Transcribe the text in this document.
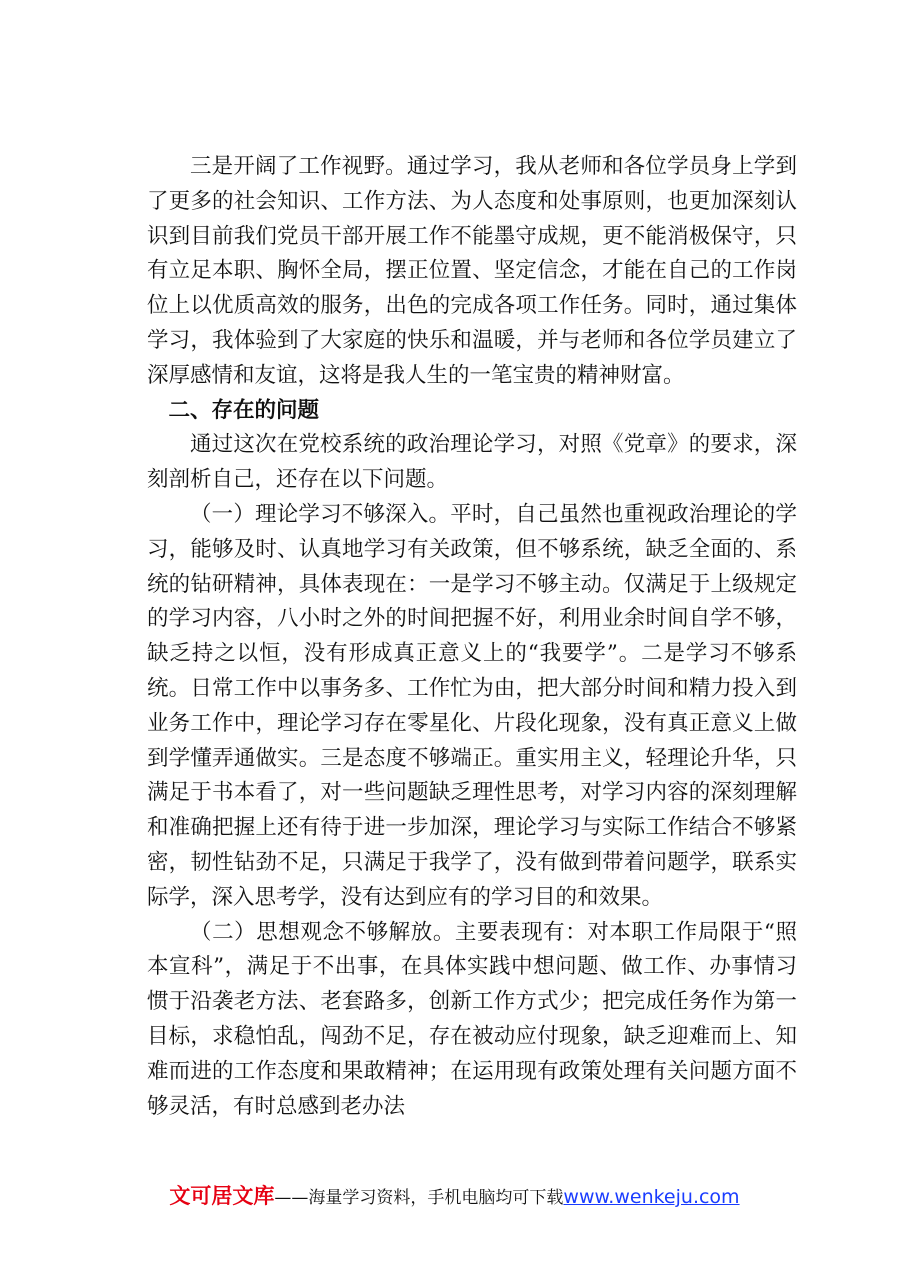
三是开阔了工作视野。通过学习，我从老师和各位学员身上学到了更多的社会知识、工作方法、为人态度和处事原则，也更加深刻认识到目前我们党员干部开展工作不能墨守成规，更不能消极保守，只有立足本职、胸怀全局，摆正位置、坚定信念，才能在自己的工作岗位上以优质高效的服务，出色的完成各项工作任务。同时，通过集体学习，我体验到了大家庭的快乐和温暖，并与老师和各位学员建立了深厚感情和友谊，这将是我人生的一笔宝贵的精神财富。

二、存在的问题

通过这次在党校系统的政治理论学习，对照《党章》的要求，深刻剖析自己，还存在以下问题。

（一）理论学习不够深入。平时，自己虽然也重视政治理论的学习，能够及时、认真地学习有关政策，但不够系统，缺乏全面的、系统的钻研精神，具体表现在：一是学习不够主动。仅满足于上级规定的学习内容，八小时之外的时间把握不好，利用业余时间自学不够，缺乏持之以恒，没有形成真正意义上的“我要学”。二是学习不够系统。日常工作中以事务多、工作忙为由，把大部分时间和精力投入到业务工作中，理论学习存在零星化、片段化现象，没有真正意义上做到学懂弄通做实。三是态度不够端正。重实用主义，轻理论升华，只满足于书本看了，对一些问题缺乏理性思考，对学习内容的深刻理解和准确把握上还有待于进一步加深，理论学习与实际工作结合不够紧密，韧性钻劲不足，只满足于我学了，没有做到带着问题学，联系实际学，深入思考学，没有达到应有的学习目的和效果。

（二）思想观念不够解放。主要表现有：对本职工作局限于“照本宣科”，满足于不出事，在具体实践中想问题、做工作、办事情习惯于沿袭老方法、老套路多，创新工作方式少；把完成任务作为第一目标，求稳怕乱，闯劲不足，存在被动应付现象，缺乏迎难而上、知难而进的工作态度和果敢精神；在运用现有政策处理有关问题方面不够灵活，有时总感到老办法

文可居文库——海量学习资料，手机电脑均可下载www.wenkeju.com
